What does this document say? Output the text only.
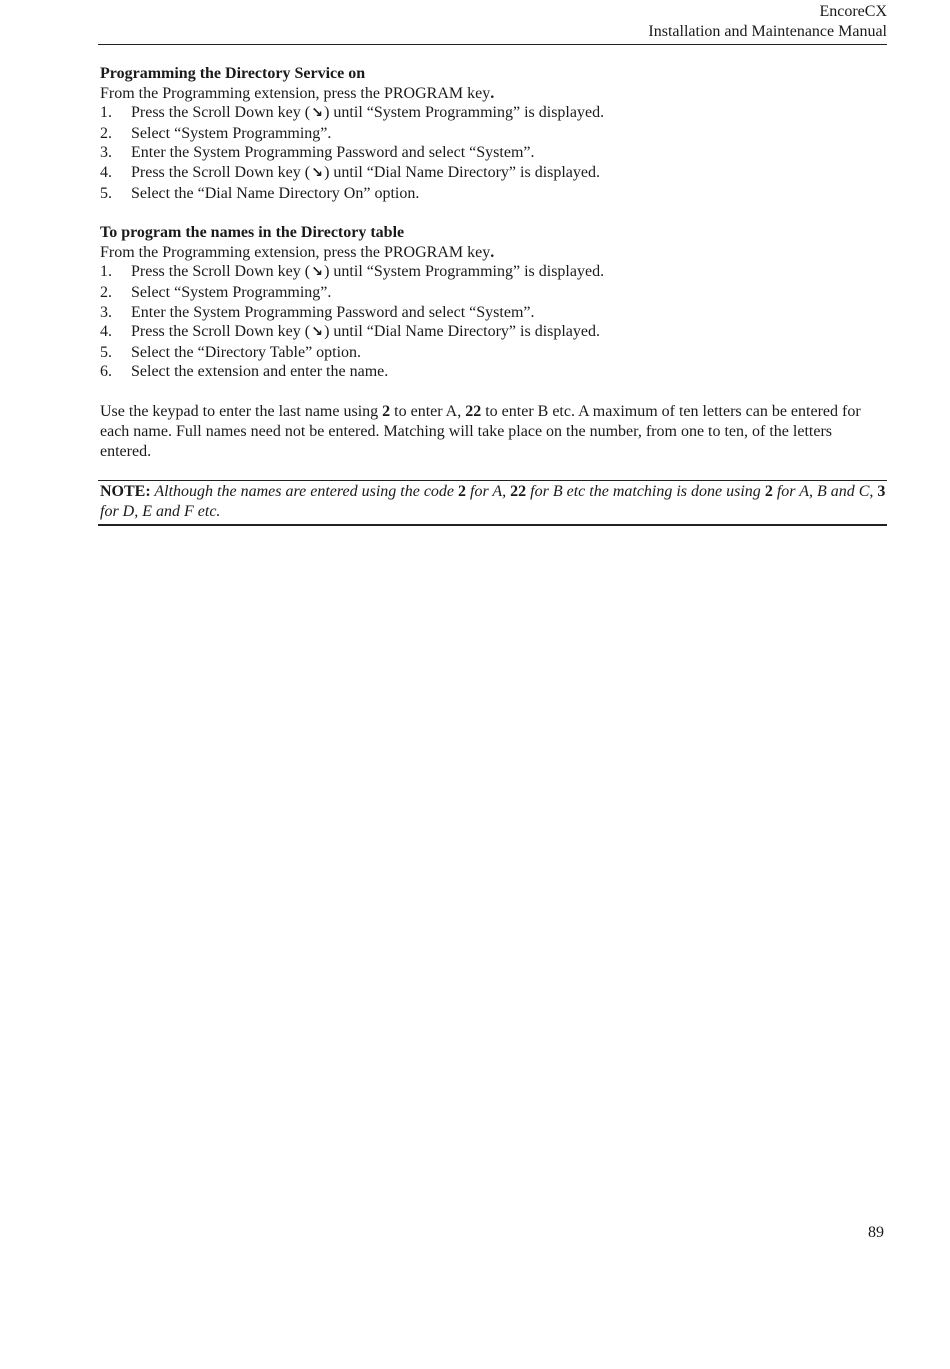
EncoreCX
Installation and Maintenance Manual
Programming the Directory Service on
From the Programming extension, press the PROGRAM key.
1.	Press the Scroll Down key (↘) until “System Programming” is displayed.
2.	Select “System Programming”.
3.	Enter the System Programming Password and select “System”.
4.	Press the Scroll Down key (↘) until “Dial Name Directory” is displayed.
5.	Select the “Dial Name Directory On” option.
To program the names in the Directory table
From the Programming extension, press the PROGRAM key.
1.	Press the Scroll Down key (↘) until “System Programming” is displayed.
2.	Select “System Programming”.
3.	Enter the System Programming Password and select “System”.
4.	Press the Scroll Down key (↘) until “Dial Name Directory” is displayed.
5.	Select the “Directory Table” option.
6.	Select the extension and enter the name.

Use the keypad to enter the last name using 2 to enter A, 22 to enter B etc. A maximum of ten letters can be entered for each name. Full names need not be entered. Matching will take place on the number, from one to ten, of the letters entered.

NOTE: Although the names are entered using the code 2 for A, 22 for B etc the matching is done using 2 for A, B and C, 3 for D, E and F etc.
89
